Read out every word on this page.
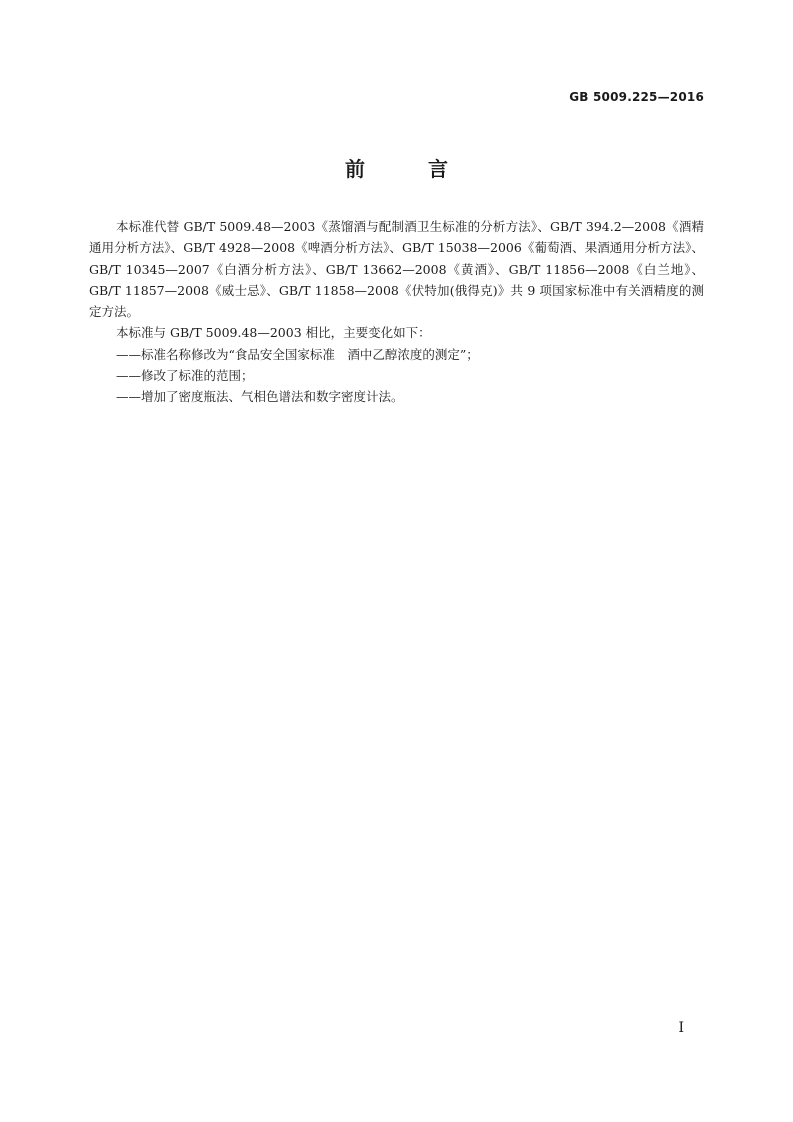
GB 5009.225—2016
前 言

本标准代替 GB/T 5009.48—2003《蒸馏酒与配制酒卫生标准的分析方法》、GB/T 394.2—2008《酒精通用分析方法》、GB/T 4928—2008《啤酒分析方法》、GB/T 15038—2006《葡萄酒、果酒通用分析方法》、GB/T 10345—2007《白酒分析方法》、GB/T 13662—2008《黄酒》、GB/T 11856—2008《白兰地》、GB/T 11857—2008《威士忌》、GB/T 11858—2008《伏特加(俄得克)》共 9 项国家标准中有关酒精度的测定方法。

本标准与 GB/T 5009.48—2003 相比，主要变化如下：

——标准名称修改为“食品安全国家标准　酒中乙醇浓度的测定”；

——修改了标准的范围；

——增加了密度瓶法、气相色谱法和数字密度计法。

I
